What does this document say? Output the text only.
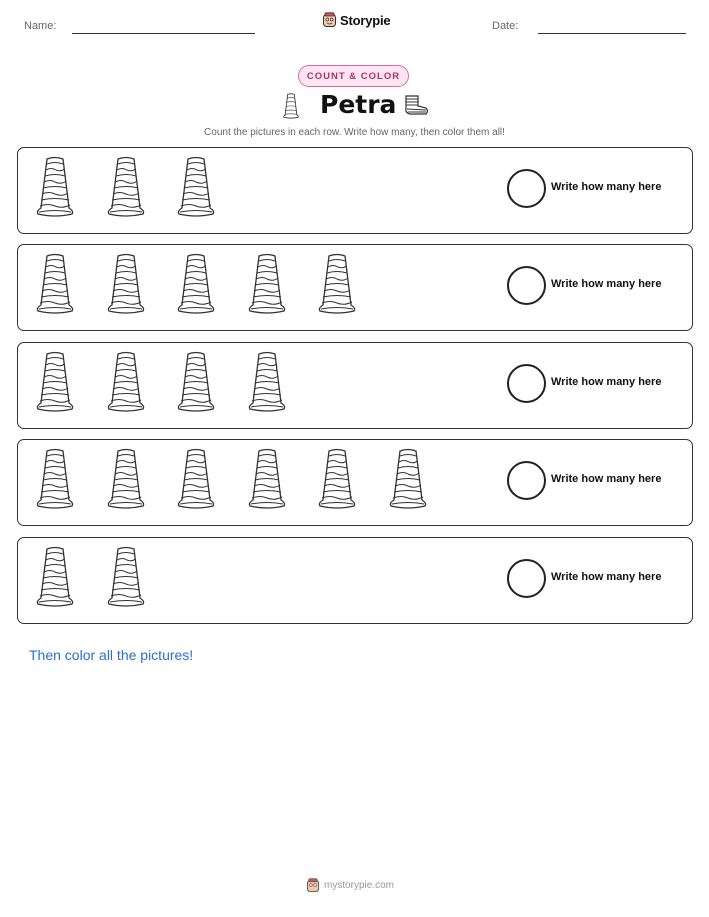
Name:	Storypie	Date:
COUNT & COLOR
Petra
Count the pictures in each row. Write how many, then color them all!
Write how many here
Write how many here
Write how many here
Write how many here
Write how many here
Then color all the pictures!
mystorypie.com
